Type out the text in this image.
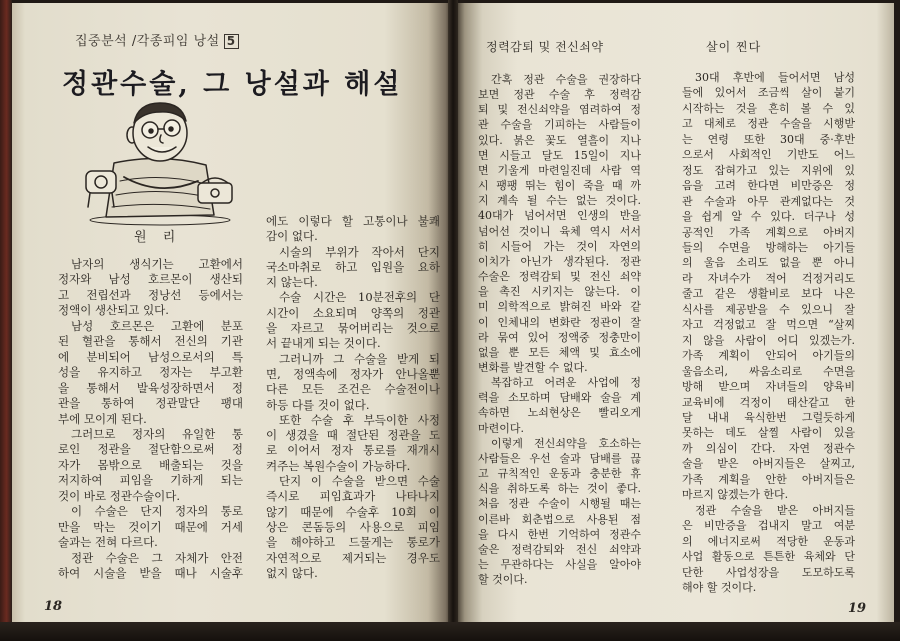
집중분석 /각종피임 낭설 5
정관수술, 그 낭설과 해설
원 리
남자의 생식기는 고환에서
정자와 남성 호르몬이 생산되
고 전립선과 정낭선 등에서는
정액이 생산되고 있다.
남성 호르몬은 고환에 분포
된 혈관을 통해서 전신의 기관
에 분비되어 남성으로서의 특
성을 유지하고 정자는 부고환
을 통해서 발육성장하면서 정
관을 통하여 정관말단 팽대
부에 모이게 된다.
그러므로 정자의 유일한 통
로인 정관을 절단함으로써 정
자가 몸밖으로 배출되는 것을
저지하여 피임을 기하게 되는
것이 바로 정관수술이다.
이 수술은 단지 정자의 통로
만을 막는 것이기 때문에 거세
술과는 전혀 다르다.
정관 수술은 그 자체가 안전
하여 시술을 받을 때나 시술후
에도 이렇다 할 고통이나 불쾌
감이 없다.
시술의 부위가 작아서 단지
국소마취로 하고 입원을 요하
지 않는다.
수술 시간은 10분전후의 단
시간이 소요되며 양쪽의 정관
을 자르고 묶어버리는 것으로
서 끝내게 되는 것이다.
그러니까 그 수술을 받게 되
면, 정액속에 정자가 안나올뿐
다른 모든 조건은 수술전이나
하등 다를 것이 없다.
또한 수술 후 부득이한 사정
이 생겼을 때 절단된 정관을 도
로 이어서 정자 통로를 재개시
켜주는 복원수술이 가능하다.
단지 이 수술을 받으면 수술
즉시로 피임효과가 나타나지
않기 때문에 수술후 10회 이
상은 콘돔등의 사용으로 피임
을 해야하고 드물게는 통로가
자연적으로 제거되는 경우도
없지 않다.
18
정력감퇴 및 전신쇠약	살이 찐다
간혹 정관 수술을 권장하다
보면 정관 수술 후 정력감
퇴 및 전신쇠약을 염려하여 정
관 수술을 기피하는 사람들이
있다. 붉은 꽃도 열흘이 지나
면 시들고 달도 15일이 지나
면 기울게 마련일진데 사람 역
시 팽팽 뛰는 힘이 죽을 때 까
지 계속 될 수는 없는 것이다.
40대가 넘어서면 인생의 반을
넘어선 것이니 육체 역시 서서
히 시들어 가는 것이 자연의
이치가 아닌가 생각된다. 정관
수술은 정력감퇴 및 전신 쇠약
을 촉진 시키지는 않는다. 이
미 의학적으로 밝혀진 바와 같
이 인체내의 변화란 정관이 잘
라 묶여 있어 정액중 정충만이
없을 뿐 모든 체액 및 효소에
변화를 발견할 수 없다.
복잡하고 어려운 사업에 정
력을 소모하며 담배와 술을 계
속하면 노쇠현상은 빨리오게
마련이다.
이렇게 전신쇠약을 호소하는
사람들은 우선 술과 담배를 끊
고 규칙적인 운동과 충분한 휴
식을 취하도록 하는 것이 좋다.
처음 정관 수술이 시행될 때는
이른바 회춘법으로 사용된 점
을 다시 한번 기억하여 정관수
술은 정력감퇴와 전신 쇠약과
는 무관하다는 사실을 알아야
할 것이다.
30대 후반에 들어서면 남성
들에 있어서 조금씩 살이 붙기
시작하는 것을 흔히 볼 수 있
고 대체로 정관 수술을 시행받
는 연령 또한 30대 중·후반
으로서 사회적인 기반도 어느
정도 잡혀가고 있는 지위에 있
음을 고려 한다면 비만증은 정
관 수술과 아무 관계없다는 것
을 쉽게 알 수 있다. 더구나 성
공적인 가족 계획으로 아버지
들의 수면을 방해하는 아기들
의 울음 소리도 없을 뿐 아니
라 자녀수가 적어 걱정거리도
줄고 같은 생활비로 보다 나은
식사를 제공받을 수 있으니 잘
자고 걱정없고 잘 먹으면 “살찌
지 않을 사람이 어디 있겠는가.
가족 계획이 안되어 아기들의
울음소리, 싸움소리로 수면을
방해 받으며 자녀들의 양육비
교육비에 걱정이 태산같고 한
달 내내 육식한번 그럴듯하게
못하는 데도 살찔 사람이 있을
까 의심이 간다. 자연 정관수
술을 받은 아버지들은 살찌고,
가족 계획을 안한 아버지들은
마르지 않겠는가 한다.
정관 수술을 받은 아버지들
은 비만증을 겁내지 말고 여분
의 에너지로써 적당한 운동과
사업 활동으로 튼튼한 육체와 단
단한 사업성장을 도모하도록
해야 할 것이다.
19
